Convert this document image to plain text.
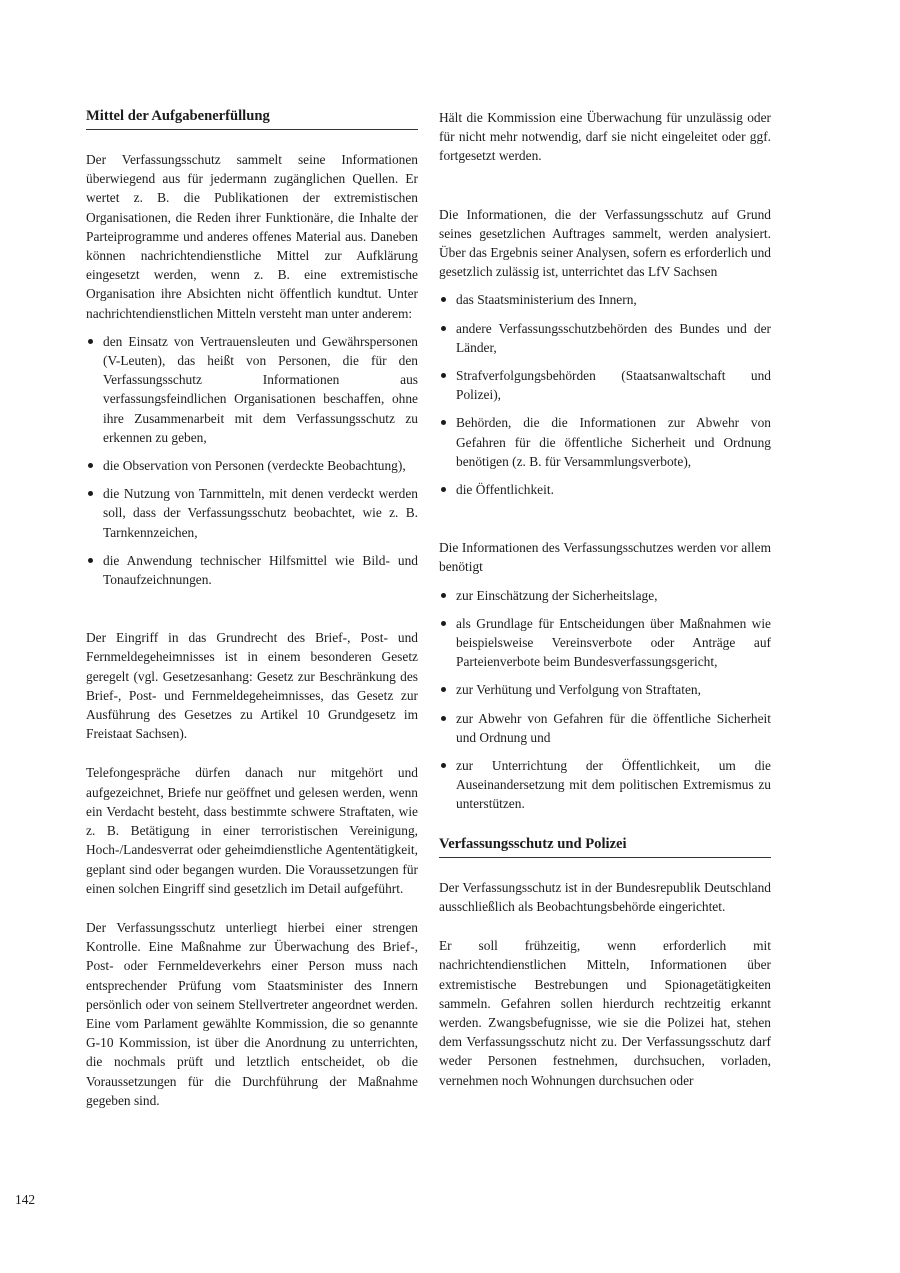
Mittel der Aufgabenerfüllung

Der Verfassungsschutz sammelt seine Informationen überwiegend aus für jedermann zugänglichen Quellen. Er wertet z. B. die Publikationen der extremistischen Organisationen, die Reden ihrer Funktionäre, die Inhalte der Parteiprogramme und anderes offenes Material aus. Daneben können nachrichtendienstliche Mittel zur Aufklärung eingesetzt werden, wenn z. B. eine extremistische Organisation ihre Absichten nicht öffentlich kundtut. Unter nachrichtendienstlichen Mitteln versteht man unter anderem:

den Einsatz von Vertrauensleuten und Gewährspersonen (V-Leuten), das heißt von Personen, die für den Verfassungsschutz Informationen aus verfassungsfeindlichen Organisationen beschaffen, ohne ihre Zusammenarbeit mit dem Verfassungsschutz zu erkennen zu geben,
die Observation von Personen (verdeckte Beobachtung),
die Nutzung von Tarnmitteln, mit denen verdeckt werden soll, dass der Verfassungsschutz beobachtet, wie z. B. Tarnkennzeichen,
die Anwendung technischer Hilfsmittel wie Bild- und Tonaufzeichnungen.

Der Eingriff in das Grundrecht des Brief-, Post- und Fernmeldegeheimnisses ist in einem besonderen Gesetz geregelt (vgl. Gesetzesanhang: Gesetz zur Beschränkung des Brief-, Post- und Fernmeldegeheimnisses, das Gesetz zur Ausführung des Gesetzes zu Artikel 10 Grundgesetz im Freistaat Sachsen).

Telefongespräche dürfen danach nur mitgehört und aufgezeichnet, Briefe nur geöffnet und gelesen werden, wenn ein Verdacht besteht, dass bestimmte schwere Straftaten, wie z. B. Betätigung in einer terroristischen Vereinigung, Hoch-/Landesverrat oder geheimdienstliche Agententätigkeit, geplant sind oder begangen wurden. Die Voraussetzungen für einen solchen Eingriff sind gesetzlich im Detail aufgeführt.

Der Verfassungsschutz unterliegt hierbei einer strengen Kontrolle. Eine Maßnahme zur Überwachung des Brief-, Post- oder Fernmeldeverkehrs einer Person muss nach entsprechender Prüfung vom Staatsminister des Innern persönlich oder von seinem Stellvertreter angeordnet werden. Eine vom Parlament gewählte Kommission, die so genannte G-10 Kommission, ist über die Anordnung zu unterrichten, die nochmals prüft und letztlich entscheidet, ob die Voraussetzungen für die Durchführung der Maßnahme gegeben sind.

Hält die Kommission eine Überwachung für unzulässig oder für nicht mehr notwendig, darf sie nicht eingeleitet oder ggf. fortgesetzt werden.

Die Informationen, die der Verfassungsschutz auf Grund seines gesetzlichen Auftrages sammelt, werden analysiert. Über das Ergebnis seiner Analysen, sofern es erforderlich und gesetzlich zulässig ist, unterrichtet das LfV Sachsen

das Staatsministerium des Innern,
andere Verfassungsschutzbehörden des Bundes und der Länder,
Strafverfolgungsbehörden (Staatsanwaltschaft und Polizei),
Behörden, die die Informationen zur Abwehr von Gefahren für die öffentliche Sicherheit und Ordnung benötigen (z. B. für Versammlungsverbote),
die Öffentlichkeit.

Die Informationen des Verfassungsschutzes werden vor allem benötigt

zur Einschätzung der Sicherheitslage,
als Grundlage für Entscheidungen über Maßnahmen wie beispielsweise Vereinsverbote oder Anträge auf Parteienverbote beim Bundesverfassungsgericht,
zur Verhütung und Verfolgung von Straftaten,
zur Abwehr von Gefahren für die öffentliche Sicherheit und Ordnung und
zur Unterrichtung der Öffentlichkeit, um die Auseinandersetzung mit dem politischen Extremismus zu unterstützen.
Verfassungsschutz und Polizei

Der Verfassungsschutz ist in der Bundesrepublik Deutschland ausschließlich als Beobachtungsbehörde eingerichtet.

Er soll frühzeitig, wenn erforderlich mit nachrichtendienstlichen Mitteln, Informationen über extremistische Bestrebungen und Spionagetätigkeiten sammeln. Gefahren sollen hierdurch rechtzeitig erkannt werden. Zwangsbefugnisse, wie sie die Polizei hat, stehen dem Verfassungsschutz nicht zu. Der Verfassungsschutz darf weder Personen festnehmen, durchsuchen, vorladen, vernehmen noch Wohnungen durchsuchen oder

142
